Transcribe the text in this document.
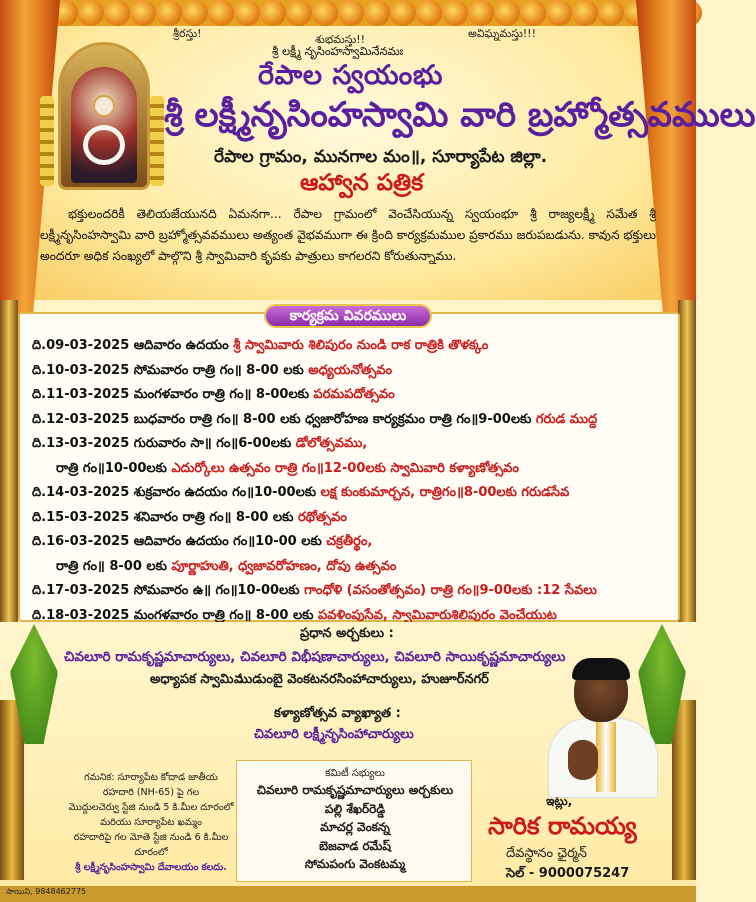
శ్రీరస్తు!	శుభమస్తు!!	అవిఘ్నమస్తు!!!
శ్రీ లక్ష్మీ నృసింహస్వామినేనమః
రేపాల స్వయంభు
శ్రీ లక్ష్మీనృసింహస్వామి వారి బ్రహ్మోత్సవములు
రేపాల గ్రామం, మునగాల మం॥, సూర్యాపేట జిల్లా.
ఆహ్వాన పత్రిక

భక్తులందరికీ తెలియజేయునది ఏమనగా... రేపాల గ్రామంలో వెంచేసియున్న స్వయంభూ శ్రీ రాజ్యలక్ష్మీ సమేత శ్రీ లక్ష్మీనృసింహస్వామి వారి బ్రహ్మోత్సవవములు అత్యంత వైభవముగా ఈ క్రింది కార్యక్రమముల ప్రకారము జరుపబడును. కావున భక్తులు అందరూ అధిక సంఖ్యలో పాల్గొని శ్రీ స్వామివారి కృపకు పాత్రులు కాగలరని కోరుతున్నాము.

కార్యక్రమ వివరములు
ది.09-03-2025 ఆదివారం ఉదయం శ్రీ స్వామివారు శిలిపురం నుండి రాక రాత్రికి తొళక్కం
ది.10-03-2025 సోమవారం రాత్రి గం॥ 8-00 లకు అధ్యయనోత్సవం
ది.11-03-2025 మంగళవారం రాత్రి గం॥ 8-00లకు పరమపదోత్సవం
ది.12-03-2025 బుధవారం రాత్రి గం॥ 8-00 లకు ధ్వజారోహణ కార్యక్రమం రాత్రి గం॥9-00లకు గరుడ ముద్ద
ది.13-03-2025 గురువారం సా॥ గం॥6-00లకు డోలోత్సవము,
రాత్రి గం॥10-00లకు ఎదుర్కోలు ఉత్సవం రాత్రి గం॥12-00లకు స్వామివారి కళ్యాణోత్సవం
ది.14-03-2025 శుక్రవారం ఉదయం గం॥10-00లకు లక్ష కుంకుమార్చన, రాత్రిగం॥8-00లకు గరుడసేవ
ది.15-03-2025 శనివారం రాత్రి గం॥ 8-00 లకు రథోత్సవం
ది.16-03-2025 ఆదివారం ఉదయం గం॥10-00 లకు చక్రతీర్థం,
రాత్రి గం॥ 8-00 లకు పూర్ణాహుతి, ధ్వజావరోహణం, దోపు ఉత్సవం
ది.17-03-2025 సోమవారం ఉ॥ గం॥10-00లకు గాంధోళి (వసంతోత్సవం) రాత్రి గం॥9-00లకు :12 సేవలు
ది.18-03-2025 మంగళవారం రాత్రి గం॥ 8-00 లకు పవళింపుసేవ, స్వామివారుశిలిపురం వెంచేయుట
ప్రధాన అర్చకులు :
చివలూరి రామకృష్ణమాచార్యులు, చివలూరి విభీషణాచార్యులు, చివలూరి సాయికృష్ణమాచార్యులు
అధ్యాపక స్వామి :
ముడుంబై వెంకటనరసింహాచార్యులు, హుజూర్‌నగర్
కళ్యాణోత్సవ వ్యాఖ్యాత :
చివలూరి లక్ష్మీనృసింహాచార్యులు
గమనిక: సూర్యాపేట కోదాడ జాతీయ
రహదారి (NH-65) పై గల
మొద్దులచెర్వు స్టేజి నుండి 5 కి.మీల దూరంలో
మరియు సూర్యాపేట ఖమ్మం
రహదారిపై గల మోతె స్టేజి నుండి 6 కి.మీల దూరంలో
శ్రీ లక్ష్మీనృసింహస్వామి దేవాలయం కలదు.
కమిటీ సభ్యులు
చివలూరి రామకృష్ణమాచార్యులు అర్చకులు
పల్లి శేఖర్‌రెడ్డి
మాచర్ల వెంకన్న
బెజవాడ రమేష్
సోమపంగు వెంకటమ్మ
ఇట్లు,
సారిక రామయ్య
దేవస్థానం ఛైర్మన్
సెల్ - 9000075247
సాయిని, 9848462775
